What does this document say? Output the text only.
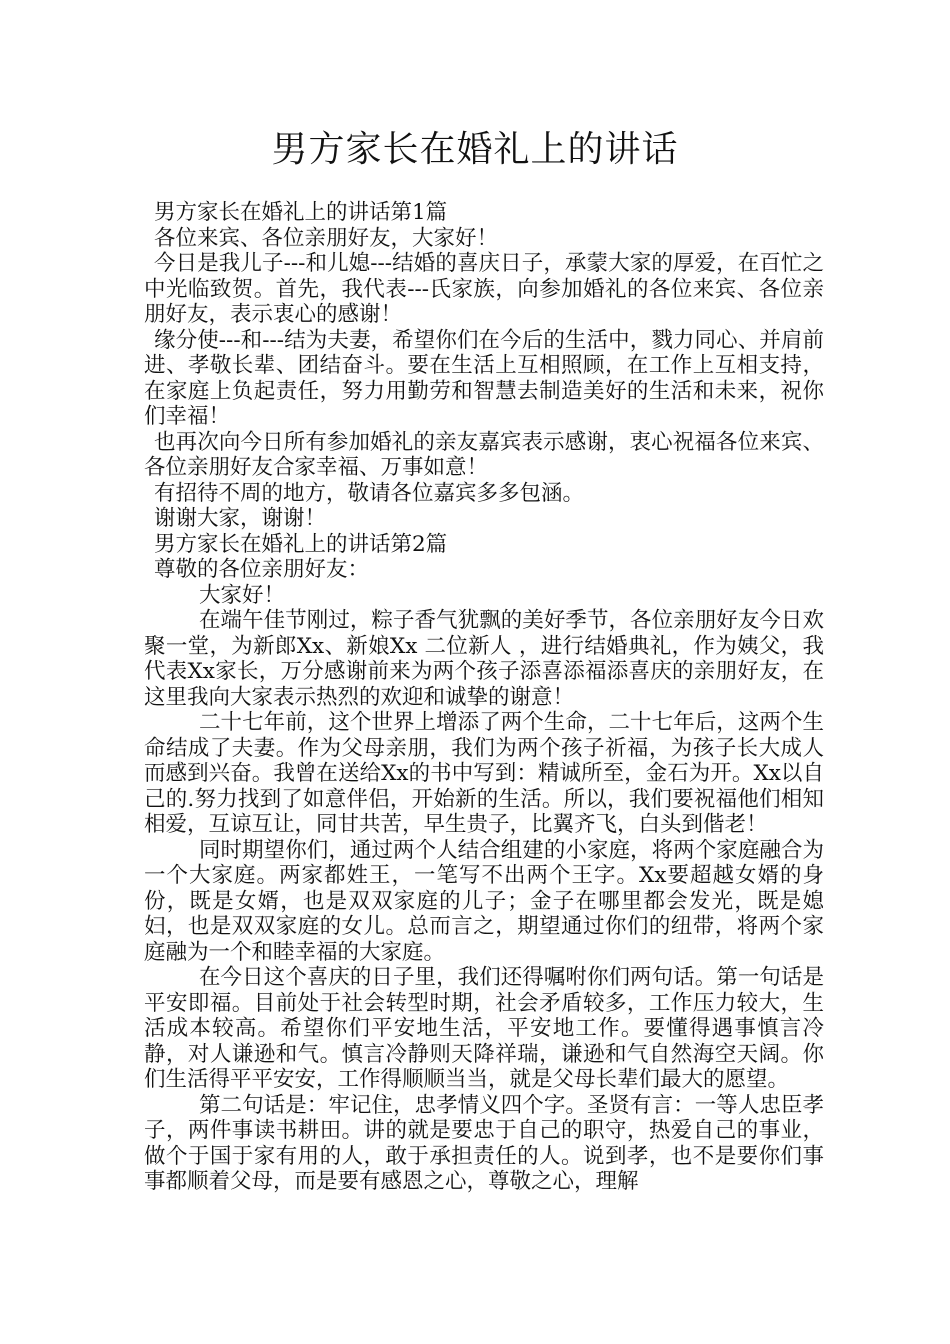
男方家长在婚礼上的讲话

男方家长在婚礼上的讲话第1篇

各位来宾、各位亲朋好友，大家好！

今日是我儿子---和儿媳---结婚的喜庆日子，承蒙大家的厚爱，在百忙之中光临致贺。首先，我代表---氏家族，向参加婚礼的各位来宾、各位亲朋好友，表示衷心的感谢！

缘分使---和---结为夫妻，希望你们在今后的生活中，戮力同心、并肩前进、孝敬长辈、团结奋斗。要在生活上互相照顾，在工作上互相支持，在家庭上负起责任，努力用勤劳和智慧去制造美好的生活和未来，祝你们幸福！

也再次向今日所有参加婚礼的亲友嘉宾表示感谢，衷心祝福各位来宾、各位亲朋好友合家幸福、万事如意！

有招待不周的地方，敬请各位嘉宾多多包涵。

谢谢大家，谢谢！

男方家长在婚礼上的讲话第2篇

尊敬的各位亲朋好友：

大家好！

在端午佳节刚过，粽子香气犹飘的美好季节，各位亲朋好友今日欢聚一堂，为新郎Xx、新娘Xx 二位新人 ，进行结婚典礼，作为姨父，我代表Xx家长，万分感谢前来为两个孩子添喜添福添喜庆的亲朋好友，在这里我向大家表示热烈的欢迎和诚挚的谢意！

二十七年前，这个世界上增添了两个生命，二十七年后，这两个生命结成了夫妻。作为父母亲朋，我们为两个孩子祈福，为孩子长大成人而感到兴奋。我曾在送给Xx的书中写到：精诚所至，金石为开。Xx以自己的.努力找到了如意伴侣，开始新的生活。所以，我们要祝福他们相知相爱，互谅互让，同甘共苦，早生贵子，比翼齐飞，白头到偕老！

同时期望你们，通过两个人结合组建的小家庭，将两个家庭融合为一个大家庭。两家都姓王，一笔写不出两个王字。Xx要超越女婿的身份，既是女婿，也是双双家庭的儿子；金子在哪里都会发光，既是媳妇，也是双双家庭的女儿。总而言之，期望通过你们的纽带，将两个家庭融为一个和睦幸福的大家庭。

在今日这个喜庆的日子里，我们还得嘱咐你们两句话。第一句话是平安即福。目前处于社会转型时期，社会矛盾较多，工作压力较大，生活成本较高。希望你们平安地生活，平安地工作。要懂得遇事慎言冷静，对人谦逊和气。慎言冷静则天降祥瑞，谦逊和气自然海空天阔。你们生活得平平安安，工作得顺顺当当，就是父母长辈们最大的愿望。

第二句话是：牢记住，忠孝情义四个字。圣贤有言：一等人忠臣孝子，两件事读书耕田。讲的就是要忠于自己的职守，热爱自己的事业，做个于国于家有用的人，敢于承担责任的人。说到孝，也不是要你们事事都顺着父母，而是要有感恩之心，尊敬之心，理解
